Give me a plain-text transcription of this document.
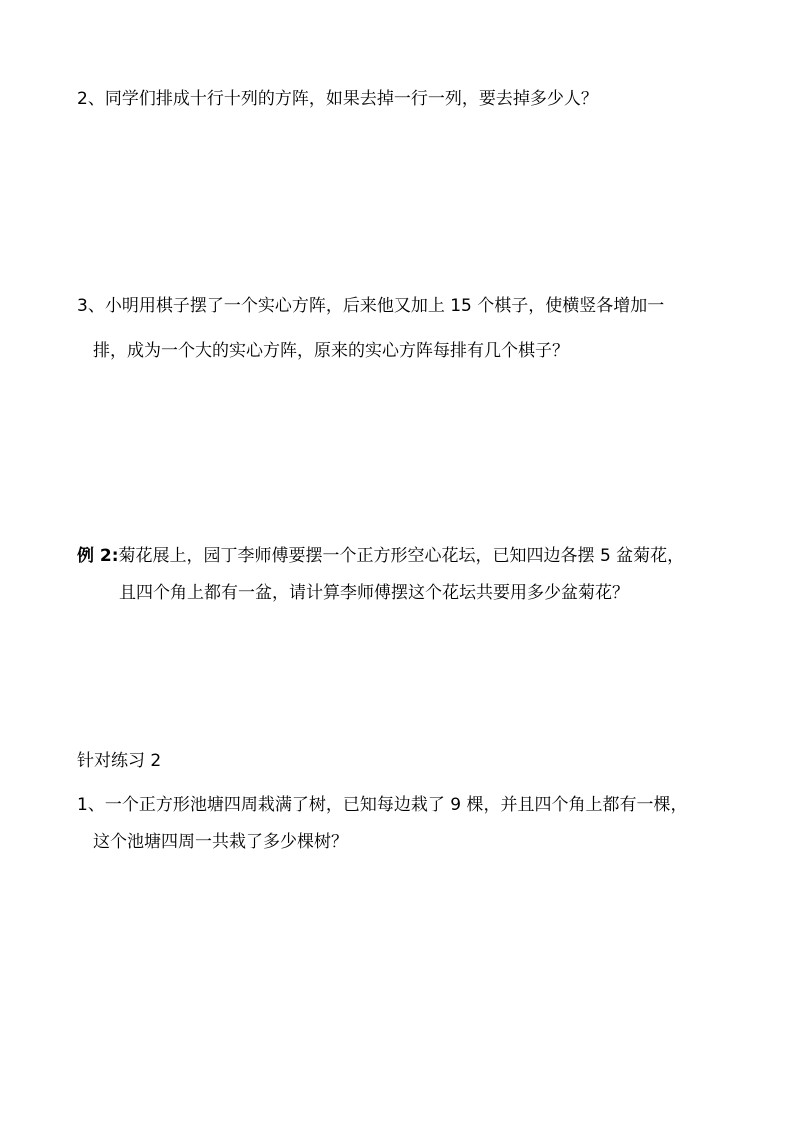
2、同学们排成十行十列的方阵，如果去掉一行一列，要去掉多少人？
3、小明用棋子摆了一个实心方阵，后来他又加上 15 个棋子，使横竖各增加一
排，成为一个大的实心方阵，原来的实心方阵每排有几个棋子？
例 2:菊花展上，园丁李师傅要摆一个正方形空心花坛，已知四边各摆 5 盆菊花，
且四个角上都有一盆，请计算李师傅摆这个花坛共要用多少盆菊花？
针对练习 2
1、一个正方形池塘四周栽满了树，已知每边栽了 9 棵，并且四个角上都有一棵，
这个池塘四周一共栽了多少棵树？
